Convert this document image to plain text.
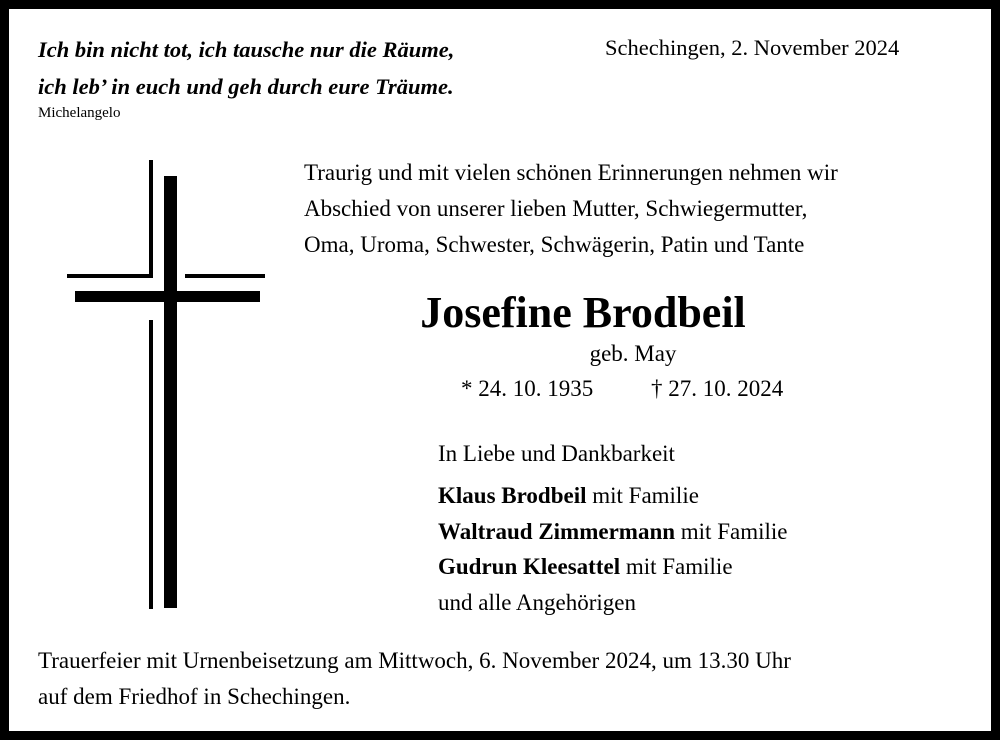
Ich bin nicht tot, ich tausche nur die Räume,
ich leb’ in euch und geh durch eure Träume.
Michelangelo
Schechingen, 2. November 2024
Traurig und mit vielen schönen Erinnerungen nehmen wir
Abschied von unserer lieben Mutter, Schwiegermutter,
Oma, Uroma, Schwester, Schwägerin, Patin und Tante
Josefine Brodbeil
geb. May
* 24. 10. 1935	† 27. 10. 2024
In Liebe und Dankbarkeit
Klaus Brodbeil mit Familie
Waltraud Zimmermann mit Familie
Gudrun Kleesattel mit Familie
und alle Angehörigen
Trauerfeier mit Urnenbeisetzung am Mittwoch, 6. November 2024, um 13.30 Uhr
auf dem Friedhof in Schechingen.
